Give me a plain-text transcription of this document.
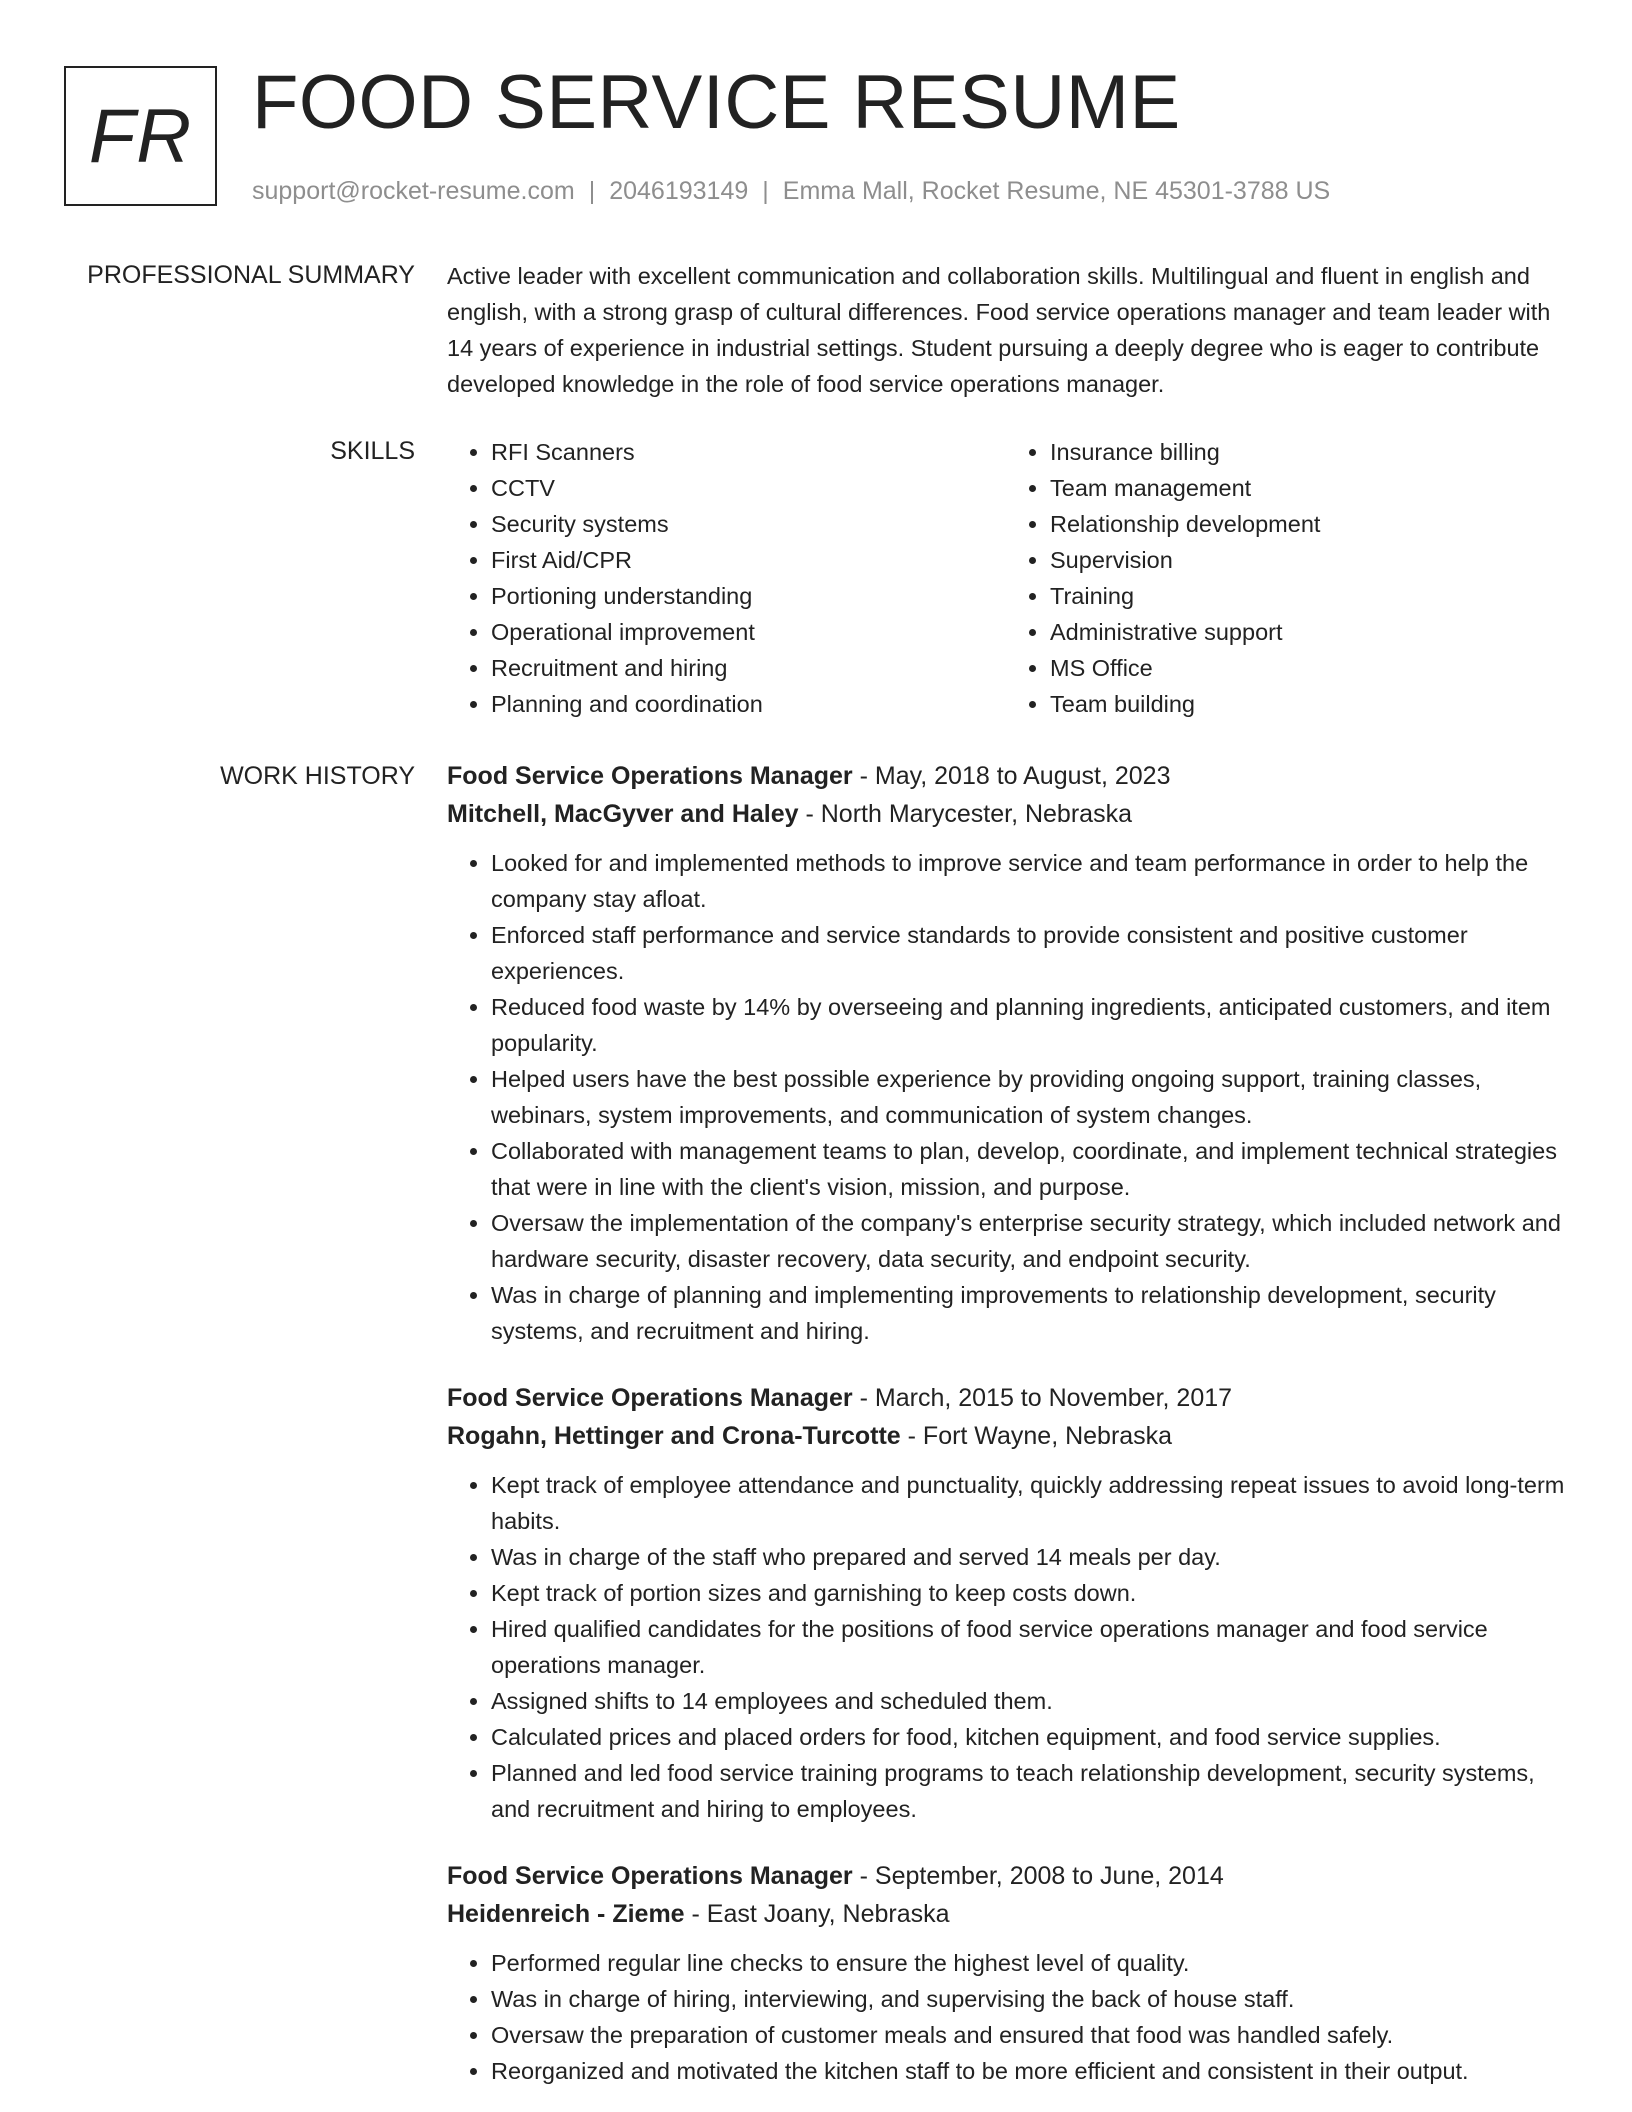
FR FOOD SERVICE RESUME
support@rocket-resume.com | 2046193149 | Emma Mall, Rocket Resume, NE 45301-3788 US
PROFESSIONAL SUMMARY Active leader with excellent communication and collaboration skills. Multilingual and fluent in english and english, with a strong grasp of cultural differences. Food service operations manager and team leader with 14 years of experience in industrial settings. Student pursuing a deeply degree who is eager to contribute developed knowledge in the role of food service operations manager.

SKILLS
•	RFI Scanners
• CCTV
• Security systems
• First Aid/CPR
• Portioning understanding
• Operational improvement
• Recruitment and hiring
• Planning and coordination
• Insurance billing
• Team management
• Relationship development
• Supervision
• Training
• Administrative support
• MS Office
• Team building
WORK HISTORY Food Service Operations Manager - May, 2018 to August, 2023
Mitchell, MacGyver and Haley - North Marycester, Nebraska
• Looked for and implemented methods to improve service and team performance in order to help the company stay afloat.
• Enforced staff performance and service standards to provide consistent and positive customer experiences.
• Reduced food waste by 14% by overseeing and planning ingredients, anticipated customers, and item popularity.
• Helped users have the best possible experience by providing ongoing support, training classes, webinars, system improvements, and communication of system changes.
• Collaborated with management teams to plan, develop, coordinate, and implement technical strategies that were in line with the client's vision, mission, and purpose.
• Oversaw the implementation of the company's enterprise security strategy, which included network and hardware security, disaster recovery, data security, and endpoint security.
• Was in charge of planning and implementing improvements to relationship development, security systems, and recruitment and hiring.
Food Service Operations Manager - March, 2015 to November, 2017
Rogahn, Hettinger and Crona-Turcotte - Fort Wayne, Nebraska
• Kept track of employee attendance and punctuality, quickly addressing repeat issues to avoid long-term habits.
• Was in charge of the staff who prepared and served 14 meals per day.
• Kept track of portion sizes and garnishing to keep costs down.
• Hired qualified candidates for the positions of food service operations manager and food service operations manager.
• Assigned shifts to 14 employees and scheduled them.
• Calculated prices and placed orders for food, kitchen equipment, and food service supplies.
• Planned and led food service training programs to teach relationship development, security systems, and recruitment and hiring to employees.
Food Service Operations Manager - September, 2008 to June, 2014
Heidenreich - Zieme - East Joany, Nebraska
• Performed regular line checks to ensure the highest level of quality.
• Was in charge of hiring, interviewing, and supervising the back of house staff.
• Oversaw the preparation of customer meals and ensured that food was handled safely.
• Reorganized and motivated the kitchen staff to be more efficient and consistent in their output.
